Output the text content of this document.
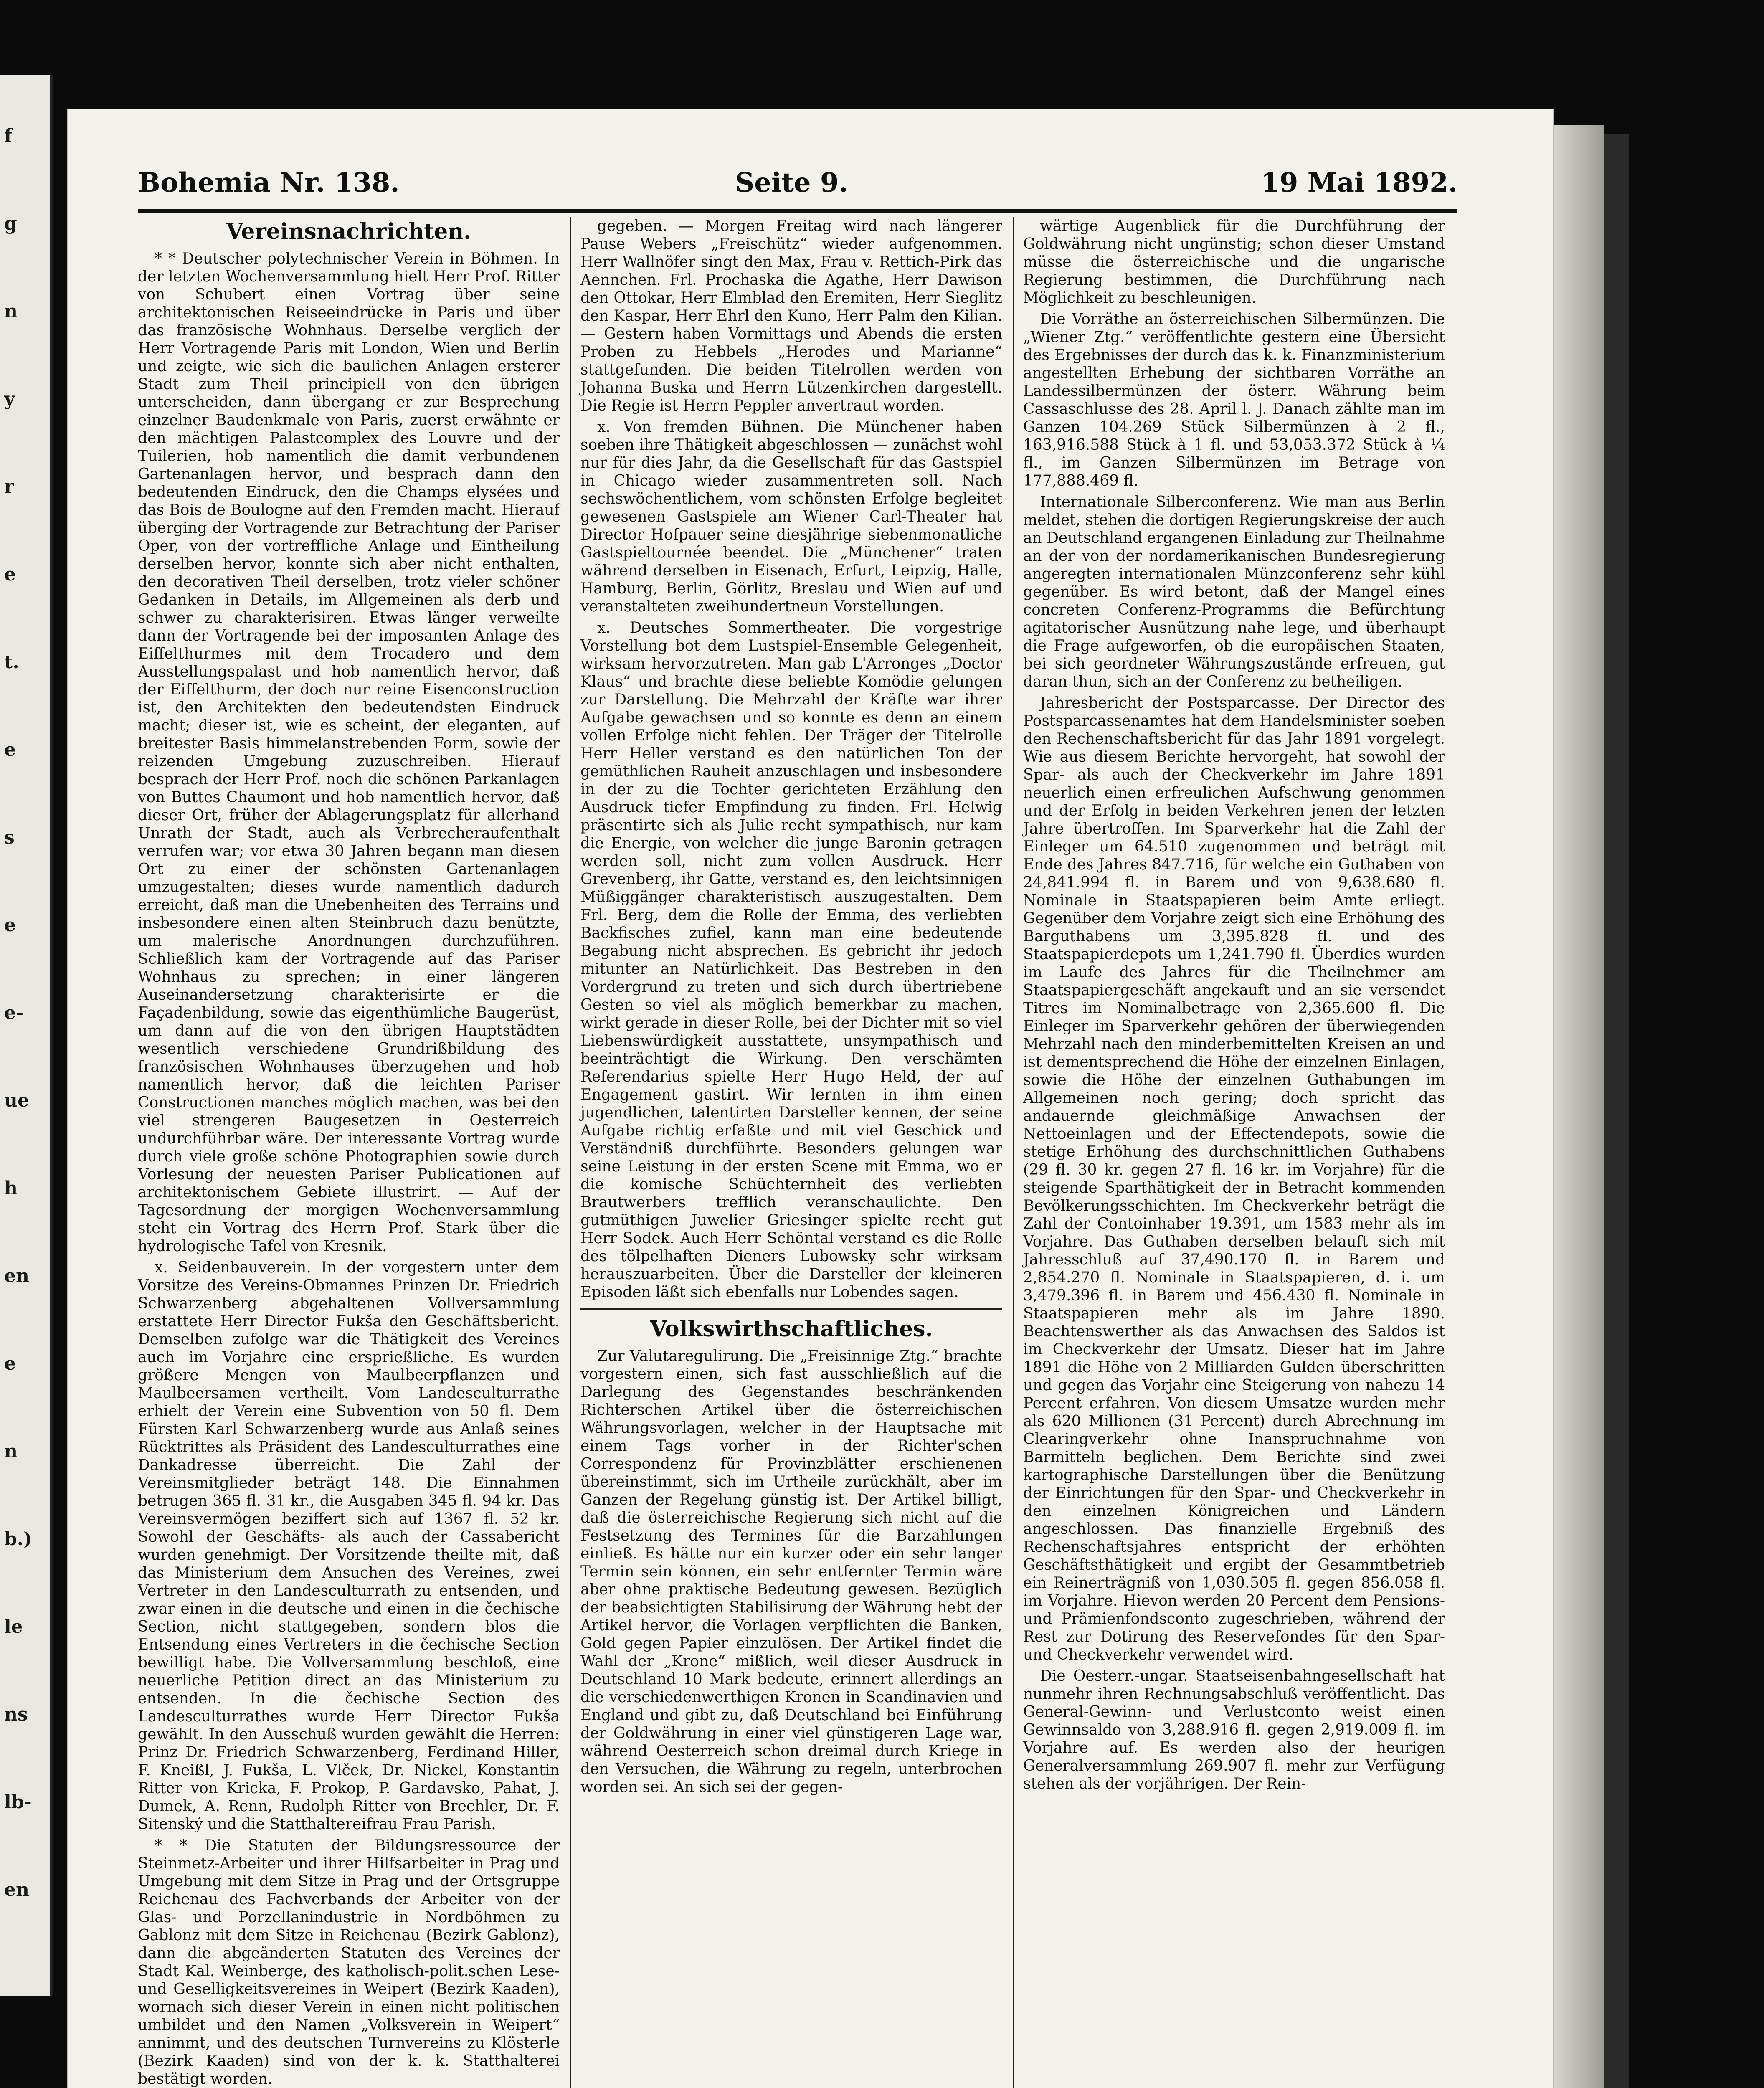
f
g
n
y
r
e
t.
e
s
e
e-
ue
h
en
e
n
b.)
le
ns
lb-
en
Bohemia Nr. 138.	Seite 9.	19 Mai 1892.

Vereinsnachrichten.

* * Deutscher polytechnischer Verein in Böhmen. In der letzten Wochenversammlung hielt Herr Prof. Ritter von Schubert einen Vortrag über seine architektonischen Reiseeindrücke in Paris und über das französische Wohnhaus. Derselbe verglich der Herr Vortragende Paris mit London, Wien und Berlin und zeigte, wie sich die baulichen Anlagen ersterer Stadt zum Theil principiell von den übrigen unterscheiden, dann übergang er zur Besprechung einzelner Baudenkmale von Paris, zuerst erwähnte er den mächtigen Palastcomplex des Louvre und der Tuilerien, hob namentlich die damit verbundenen Gartenanlagen hervor, und besprach dann den bedeutenden Eindruck, den die Champs elysées und das Bois de Boulogne auf den Fremden macht. Hierauf überging der Vortragende zur Betrachtung der Pariser Oper, von der vortreffliche Anlage und Eintheilung derselben hervor, konnte sich aber nicht enthalten, den decorativen Theil derselben, trotz vieler schöner Gedanken in Details, im Allgemeinen als derb und schwer zu charakterisiren. Etwas länger verweilte dann der Vortragende bei der imposanten Anlage des Eiffelthurmes mit dem Trocadero und dem Ausstellungspalast und hob namentlich hervor, daß der Eiffelthurm, der doch nur reine Eisenconstruction ist, den Architekten den bedeutendsten Eindruck macht; dieser ist, wie es scheint, der eleganten, auf breitester Basis himmelanstrebenden Form, sowie der reizenden Umgebung zuzuschreiben. Hierauf besprach der Herr Prof. noch die schönen Parkanlagen von Buttes Chaumont und hob namentlich hervor, daß dieser Ort, früher der Ablagerungsplatz für allerhand Unrath der Stadt, auch als Verbrecheraufenthalt verrufen war; vor etwa 30 Jahren begann man diesen Ort zu einer der schönsten Gartenanlagen umzugestalten; dieses wurde namentlich dadurch erreicht, daß man die Unebenheiten des Terrains und insbesondere einen alten Steinbruch dazu benützte, um malerische Anordnungen durchzuführen. Schließlich kam der Vortragende auf das Pariser Wohnhaus zu sprechen; in einer längeren Auseinandersetzung charakterisirte er die Façadenbildung, sowie das eigenthümliche Baugerüst, um dann auf die von den übrigen Hauptstädten wesentlich verschiedene Grundrißbildung des französischen Wohnhauses überzugehen und hob namentlich hervor, daß die leichten Pariser Constructionen manches möglich machen, was bei den viel strengeren Baugesetzen in Oesterreich undurchführbar wäre. Der interessante Vortrag wurde durch viele große schöne Photographien sowie durch Vorlesung der neuesten Pariser Publicationen auf architektonischem Gebiete illustrirt. — Auf der Tagesordnung der morgigen Wochenversammlung steht ein Vortrag des Herrn Prof. Stark über die hydrologische Tafel von Kresnik.

x. Seidenbauverein. In der vorgestern unter dem Vorsitze des Vereins-Obmannes Prinzen Dr. Friedrich Schwarzenberg abgehaltenen Vollversammlung erstattete Herr Director Fukša den Geschäftsbericht. Demselben zufolge war die Thätigkeit des Vereines auch im Vorjahre eine ersprießliche. Es wurden größere Mengen von Maulbeerpflanzen und Maulbeersamen vertheilt. Vom Landesculturrathe erhielt der Verein eine Subvention von 50 fl. Dem Fürsten Karl Schwarzenberg wurde aus Anlaß seines Rücktrittes als Präsident des Landesculturrathes eine Dankadresse überreicht. Die Zahl der Vereinsmitglieder beträgt 148. Die Einnahmen betrugen 365 fl. 31 kr., die Ausgaben 345 fl. 94 kr. Das Vereinsvermögen beziffert sich auf 1367 fl. 52 kr. Sowohl der Geschäfts- als auch der Cassabericht wurden genehmigt. Der Vorsitzende theilte mit, daß das Ministerium dem Ansuchen des Vereines, zwei Vertreter in den Landesculturrath zu entsenden, und zwar einen in die deutsche und einen in die čechische Section, nicht stattgegeben, sondern blos die Entsendung eines Vertreters in die čechische Section bewilligt habe. Die Vollversammlung beschloß, eine neuerliche Petition direct an das Ministerium zu entsenden. In die čechische Section des Landesculturrathes wurde Herr Director Fukša gewählt. In den Ausschuß wurden gewählt die Herren: Prinz Dr. Friedrich Schwarzenberg, Ferdinand Hiller, F. Kneißl, J. Fukša, L. Vlček, Dr. Nickel, Konstantin Ritter von Kricka, F. Prokop, P. Gardavsko, Pahat, J. Dumek, A. Renn, Rudolph Ritter von Brechler, Dr. F. Sitenský und die Statthaltereifrau Frau Parish.

* * Die Statuten der Bildungsressource der Steinmetz-Arbeiter und ihrer Hilfsarbeiter in Prag und Umgebung mit dem Sitze in Prag und der Ortsgruppe Reichenau des Fachverbands der Arbeiter von der Glas- und Porzellanindustrie in Nordböhmen zu Gablonz mit dem Sitze in Reichenau (Bezirk Gablonz), dann die abgeänderten Statuten des Vereines der Stadt Kal. Weinberge, des katholisch-polit.schen Lese- und Geselligkeitsvereines in Weipert (Bezirk Kaaden), wornach sich dieser Verein in einen nicht politischen umbildet und den Namen „Volksverein in Weipert“ annimmt, und des deutschen Turnvereins zu Klösterle (Bezirk Kaaden) sind von der k. k. Statthalterei bestätigt worden.

gegeben. — Morgen Freitag wird nach längerer Pause Webers „Freischütz“ wieder aufgenommen. Herr Wallnöfer singt den Max, Frau v. Rettich-Pirk das Aennchen. Frl. Prochaska die Agathe, Herr Dawison den Ottokar, Herr Elmblad den Eremiten, Herr Sieglitz den Kaspar, Herr Ehrl den Kuno, Herr Palm den Kilian. — Gestern haben Vormittags und Abends die ersten Proben zu Hebbels „Herodes und Marianne“ stattgefunden. Die beiden Titelrollen werden von Johanna Buska und Herrn Lützenkirchen dargestellt. Die Regie ist Herrn Peppler anvertraut worden.

x. Von fremden Bühnen. Die Münchener haben soeben ihre Thätigkeit abgeschlossen — zunächst wohl nur für dies Jahr, da die Gesellschaft für das Gastspiel in Chicago wieder zusammentreten soll. Nach sechswöchentlichem, vom schönsten Erfolge begleitet gewesenen Gastspiele am Wiener Carl-Theater hat Director Hofpauer seine diesjährige siebenmonatliche Gastspieltournée beendet. Die „Münchener“ traten während derselben in Eisenach, Erfurt, Leipzig, Halle, Hamburg, Berlin, Görlitz, Breslau und Wien auf und veranstalteten zweihundertneun Vorstellungen.

x. Deutsches Sommertheater. Die vorgestrige Vorstellung bot dem Lustspiel-Ensemble Gelegenheit, wirksam hervorzutreten. Man gab L'Arronges „Doctor Klaus“ und brachte diese beliebte Komödie gelungen zur Darstellung. Die Mehrzahl der Kräfte war ihrer Aufgabe gewachsen und so konnte es denn an einem vollen Erfolge nicht fehlen. Der Träger der Titelrolle Herr Heller verstand es den natürlichen Ton der gemüthlichen Rauheit anzuschlagen und insbesondere in der zu die Tochter gerichteten Erzählung den Ausdruck tiefer Empfindung zu finden. Frl. Helwig präsentirte sich als Julie recht sympathisch, nur kam die Energie, von welcher die junge Baronin getragen werden soll, nicht zum vollen Ausdruck. Herr Grevenberg, ihr Gatte, verstand es, den leichtsinnigen Müßiggänger charakteristisch auszugestalten. Dem Frl. Berg, dem die Rolle der Emma, des verliebten Backfisches zufiel, kann man eine bedeutende Begabung nicht absprechen. Es gebricht ihr jedoch mitunter an Natürlichkeit. Das Bestreben in den Vordergrund zu treten und sich durch übertriebene Gesten so viel als möglich bemerkbar zu machen, wirkt gerade in dieser Rolle, bei der Dichter mit so viel Liebenswürdigkeit ausstattete, unsympathisch und beeinträchtigt die Wirkung. Den verschämten Referendarius spielte Herr Hugo Held, der auf Engagement gastirt. Wir lernten in ihm einen jugendlichen, talentirten Darsteller kennen, der seine Aufgabe richtig erfaßte und mit viel Geschick und Verständniß durchführte. Besonders gelungen war seine Leistung in der ersten Scene mit Emma, wo er die komische Schüchternheit des verliebten Brautwerbers trefflich veranschaulichte. Den gutmüthigen Juwelier Griesinger spielte recht gut Herr Sodek. Auch Herr Schöntal verstand es die Rolle des tölpelhaften Dieners Lubowsky sehr wirksam herauszuarbeiten. Über die Darsteller der kleineren Episoden läßt sich ebenfalls nur Lobendes sagen.

Volkswirthschaftliches.

Zur Valutaregulirung. Die „Freisinnige Ztg.“ brachte vorgestern einen, sich fast ausschließlich auf die Darlegung des Gegenstandes beschränkenden Richterschen Artikel über die österreichischen Währungsvorlagen, welcher in der Hauptsache mit einem Tags vorher in der Richter'schen Correspondenz für Provinzblätter erschienenen übereinstimmt, sich im Urtheile zurückhält, aber im Ganzen der Regelung günstig ist. Der Artikel billigt, daß die österreichische Regierung sich nicht auf die Festsetzung des Termines für die Barzahlungen einließ. Es hätte nur ein kurzer oder ein sehr langer Termin sein können, ein sehr entfernter Termin wäre aber ohne praktische Bedeutung gewesen. Bezüglich der beabsichtigten Stabilisirung der Währung hebt der Artikel hervor, die Vorlagen verpflichten die Banken, Gold gegen Papier einzulösen. Der Artikel findet die Wahl der „Krone“ mißlich, weil dieser Ausdruck in Deutschland 10 Mark bedeute, erinnert allerdings an die verschiedenwerthigen Kronen in Scandinavien und England und gibt zu, daß Deutschland bei Einführung der Goldwährung in einer viel günstigeren Lage war, während Oesterreich schon dreimal durch Kriege in den Versuchen, die Währung zu regeln, unterbrochen worden sei. An sich sei der gegen-

wärtige Augenblick für die Durchführung der Goldwährung nicht ungünstig; schon dieser Umstand müsse die österreichische und die ungarische Regierung bestimmen, die Durchführung nach Möglichkeit zu beschleunigen.

Die Vorräthe an österreichischen Silbermünzen. Die „Wiener Ztg.“ veröffentlichte gestern eine Übersicht des Ergebnisses der durch das k. k. Finanzministerium angestellten Erhebung der sichtbaren Vorräthe an Landessilbermünzen der österr. Währung beim Cassaschlusse des 28. April l. J. Danach zählte man im Ganzen 104.269 Stück Silbermünzen à 2 fl., 163,916.588 Stück à 1 fl. und 53,053.372 Stück à ¼ fl., im Ganzen Silbermünzen im Betrage von 177,888.469 fl.

Internationale Silberconferenz. Wie man aus Berlin meldet, stehen die dortigen Regierungskreise der auch an Deutschland ergangenen Einladung zur Theilnahme an der von der nordamerikanischen Bundesregierung angeregten internationalen Münzconferenz sehr kühl gegenüber. Es wird betont, daß der Mangel eines concreten Conferenz-Programms die Befürchtung agitatorischer Ausnützung nahe lege, und überhaupt die Frage aufgeworfen, ob die europäischen Staaten, bei sich geordneter Währungszustände erfreuen, gut daran thun, sich an der Conferenz zu betheiligen.

Jahresbericht der Postsparcasse. Der Director des Postsparcassenamtes hat dem Handelsminister soeben den Rechenschaftsbericht für das Jahr 1891 vorgelegt. Wie aus diesem Berichte hervorgeht, hat sowohl der Spar- als auch der Checkverkehr im Jahre 1891 neuerlich einen erfreulichen Aufschwung genommen und der Erfolg in beiden Verkehren jenen der letzten Jahre übertroffen. Im Sparverkehr hat die Zahl der Einleger um 64.510 zugenommen und beträgt mit Ende des Jahres 847.716, für welche ein Guthaben von 24,841.994 fl. in Barem und von 9,638.680 fl. Nominale in Staatspapieren beim Amte erliegt. Gegenüber dem Vorjahre zeigt sich eine Erhöhung des Barguthabens um 3,395.828 fl. und des Staatspapierdepots um 1,241.790 fl. Überdies wurden im Laufe des Jahres für die Theilnehmer am Staatspapiergeschäft angekauft und an sie versendet Titres im Nominalbetrage von 2,365.600 fl. Die Einleger im Sparverkehr gehören der überwiegenden Mehrzahl nach den minderbemittelten Kreisen an und ist dementsprechend die Höhe der einzelnen Einlagen, sowie die Höhe der einzelnen Guthabungen im Allgemeinen noch gering; doch spricht das andauernde gleichmäßige Anwachsen der Nettoeinlagen und der Effectendepots, sowie die stetige Erhöhung des durchschnittlichen Guthabens (29 fl. 30 kr. gegen 27 fl. 16 kr. im Vorjahre) für die steigende Sparthätigkeit der in Betracht kommenden Bevölkerungsschichten. Im Checkverkehr beträgt die Zahl der Contoinhaber 19.391, um 1583 mehr als im Vorjahre. Das Guthaben derselben belauft sich mit Jahresschluß auf 37,490.170 fl. in Barem und 2,854.270 fl. Nominale in Staatspapieren, d. i. um 3,479.396 fl. in Barem und 456.430 fl. Nominale in Staatspapieren mehr als im Jahre 1890. Beachtenswerther als das Anwachsen des Saldos ist im Checkverkehr der Umsatz. Dieser hat im Jahre 1891 die Höhe von 2 Milliarden Gulden überschritten und gegen das Vorjahr eine Steigerung von nahezu 14 Percent erfahren. Von diesem Umsatze wurden mehr als 620 Millionen (31 Percent) durch Abrechnung im Clearingverkehr ohne Inanspruchnahme von Barmitteln beglichen. Dem Berichte sind zwei kartographische Darstellungen über die Benützung der Einrichtungen für den Spar- und Checkverkehr in den einzelnen Königreichen und Ländern angeschlossen. Das finanzielle Ergebniß des Rechenschaftsjahres entspricht der erhöhten Geschäftsthätigkeit und ergibt der Gesammtbetrieb ein Reinerträgniß von 1,030.505 fl. gegen 856.058 fl. im Vorjahre. Hievon werden 20 Percent dem Pensions- und Prämienfondsconto zugeschrieben, während der Rest zur Dotirung des Reservefondes für den Spar- und Checkverkehr verwendet wird.

Die Oesterr.-ungar. Staatseisenbahngesellschaft hat nunmehr ihren Rechnungsabschluß veröffentlicht. Das General-Gewinn- und Verlustconto weist einen Gewinnsaldo von 3,288.916 fl. gegen 2,919.009 fl. im Vorjahre auf. Es werden also der heurigen Generalversammlung 269.907 fl. mehr zur Verfügung stehen als der vorjährigen. Der Rein-
